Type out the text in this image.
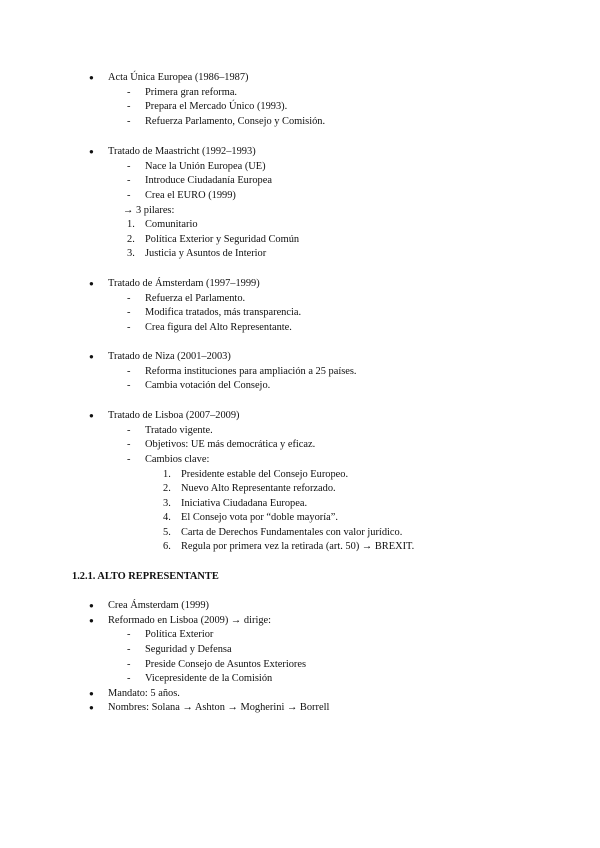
● Acta Única Europea (1986–1987)
- Primera gran reforma.
- Prepara el Mercado Único (1993).
- Refuerza Parlamento, Consejo y Comisión.
● Tratado de Maastricht (1992–1993)
- Nace la Unión Europea (UE)
- Introduce Ciudadanía Europea
- Crea el EURO (1999)
→ 3 pilares:
1. Comunitario
2. Política Exterior y Seguridad Común
3. Justicia y Asuntos de Interior
● Tratado de Ámsterdam (1997–1999)
- Refuerza el Parlamento.
- Modifica tratados, más transparencia.
- Crea figura del Alto Representante.
● Tratado de Niza (2001–2003)
- Reforma instituciones para ampliación a 25 países.
- Cambia votación del Consejo.
● Tratado de Lisboa (2007–2009)
- Tratado vigente.
- Objetivos: UE más democrática y eficaz.
- Cambios clave:
1. Presidente estable del Consejo Europeo.
2. Nuevo Alto Representante reforzado.
3. Iniciativa Ciudadana Europea.
4. El Consejo vota por “doble mayoría”.
5. Carta de Derechos Fundamentales con valor jurídico.
6. Regula por primera vez la retirada (art. 50) → BREXIT.
1.2.1. ALTO REPRESENTANTE
● Crea Ámsterdam (1999)
● Reformado en Lisboa (2009) → dirige:
- Política Exterior
- Seguridad y Defensa
- Preside Consejo de Asuntos Exteriores
- Vicepresidente de la Comisión
● Mandato: 5 años.
● Nombres: Solana → Ashton → Mogherini → Borrell
